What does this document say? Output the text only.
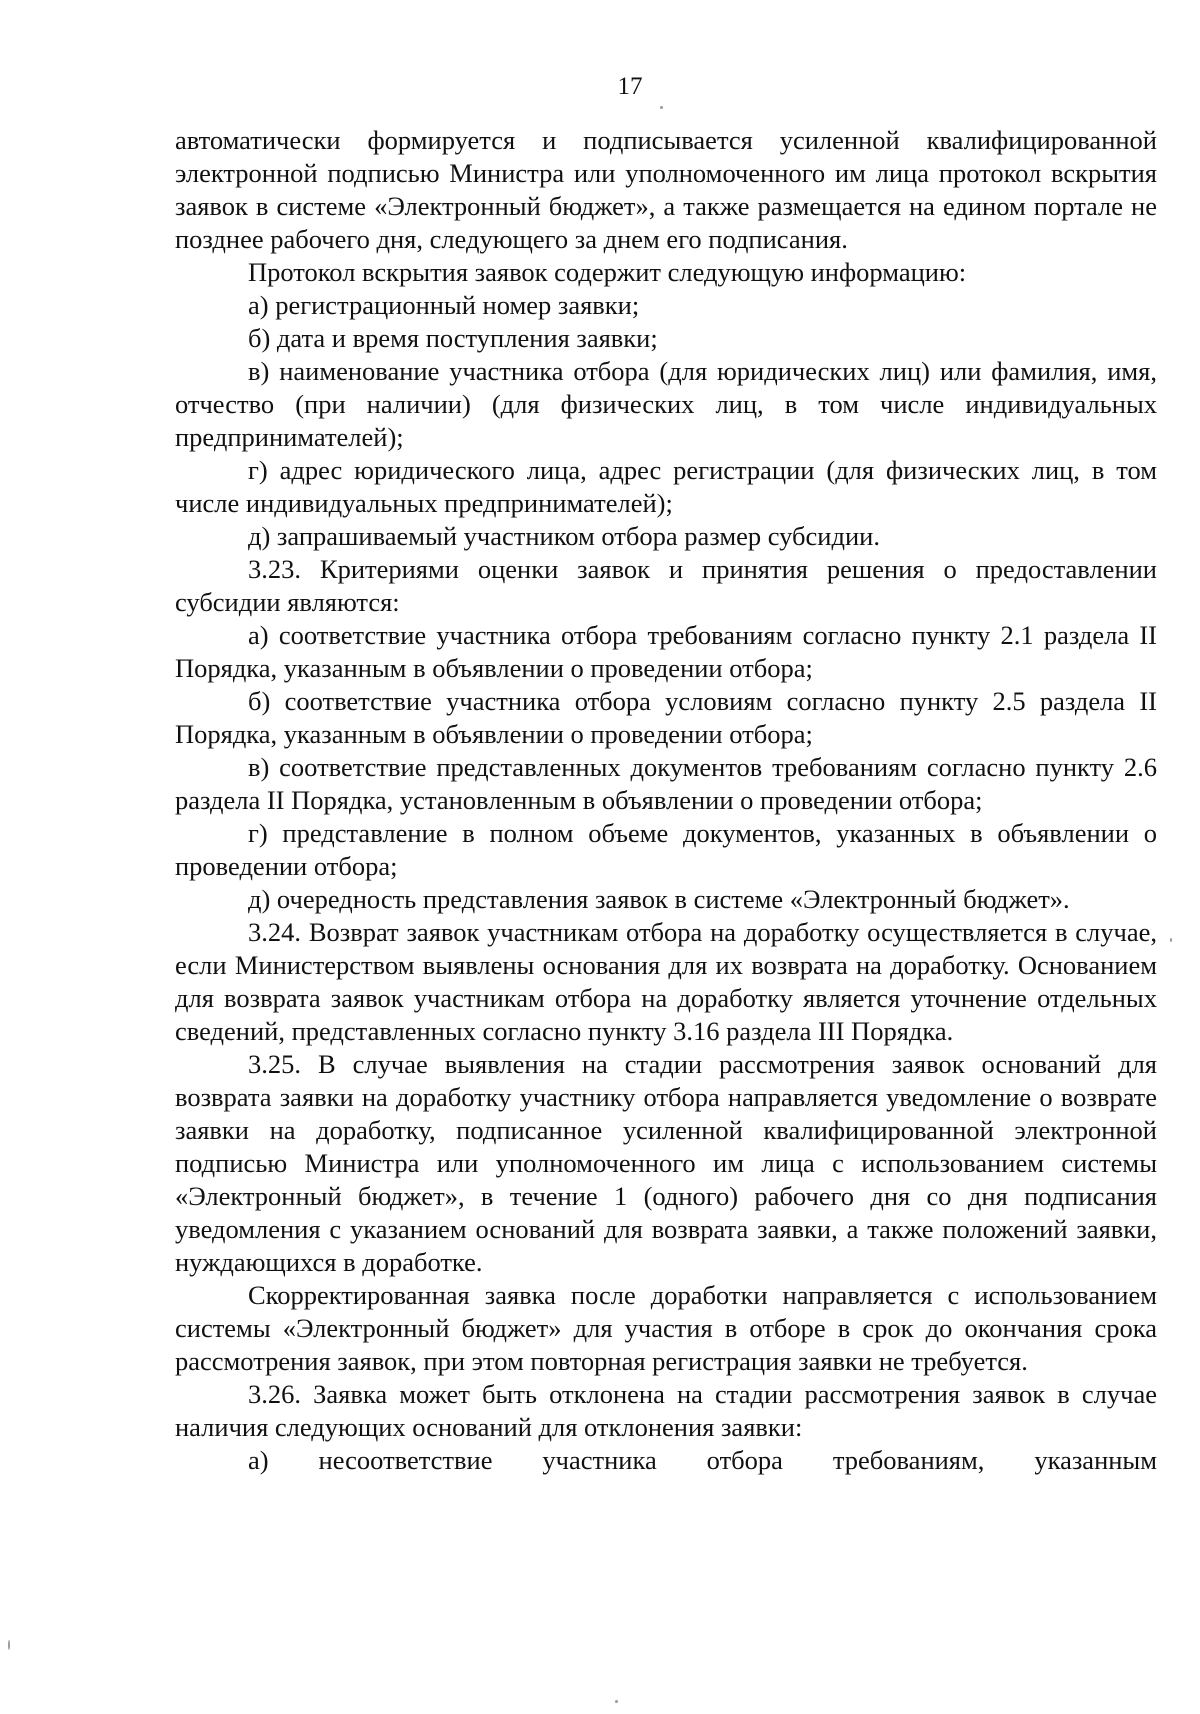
17

автоматически формируется и подписывается усиленной квалифицированной электронной подписью Министра или уполномоченного им лица протокол вскрытия заявок в системе «Электронный бюджет», а также размещается на едином портале не позднее рабочего дня, следующего за днем его подписания.

Протокол вскрытия заявок содержит следующую информацию:

а) регистрационный номер заявки;

б) дата и время поступления заявки;

в) наименование участника отбора (для юридических лиц) или фамилия, имя, отчество (при наличии) (для физических лиц, в том числе индивидуальных предпринимателей);

г) адрес юридического лица, адрес регистрации (для физических лиц, в том числе индивидуальных предпринимателей);

д) запрашиваемый участником отбора размер субсидии.

3.23. Критериями оценки заявок и принятия решения о предоставлении субсидии являются:

а) соответствие участника отбора требованиям согласно пункту 2.1 раздела II Порядка, указанным в объявлении о проведении отбора;

б) соответствие участника отбора условиям согласно пункту 2.5 раздела II Порядка, указанным в объявлении о проведении отбора;

в) соответствие представленных документов требованиям согласно пункту 2.6 раздела II Порядка, установленным в объявлении о проведении отбора;

г) представление в полном объеме документов, указанных в объявлении о проведении отбора;

д) очередность представления заявок в системе «Электронный бюджет».

3.24. Возврат заявок участникам отбора на доработку осуществляется в случае, если Министерством выявлены основания для их возврата на доработку. Основанием для возврата заявок участникам отбора на доработку является уточнение отдельных сведений, представленных согласно пункту 3.16 раздела III Порядка.

3.25. В случае выявления на стадии рассмотрения заявок оснований для возврата заявки на доработку участнику отбора направляется уведомление о возврате заявки на доработку, подписанное усиленной квалифицированной электронной подписью Министра или уполномоченного им лица с использованием системы «Электронный бюджет», в течение 1 (одного) рабочего дня со дня подписания уведомления с указанием оснований для возврата заявки, а также положений заявки, нуждающихся в доработке.

Скорректированная заявка после доработки направляется с использованием системы «Электронный бюджет» для участия в отборе в срок до окончания срока рассмотрения заявок, при этом повторная регистрация заявки не требуется.

3.26. Заявка может быть отклонена на стадии рассмотрения заявок в случае наличия следующих оснований для отклонения заявки:

а) несоответствие участника отбора требованиям, указанным
